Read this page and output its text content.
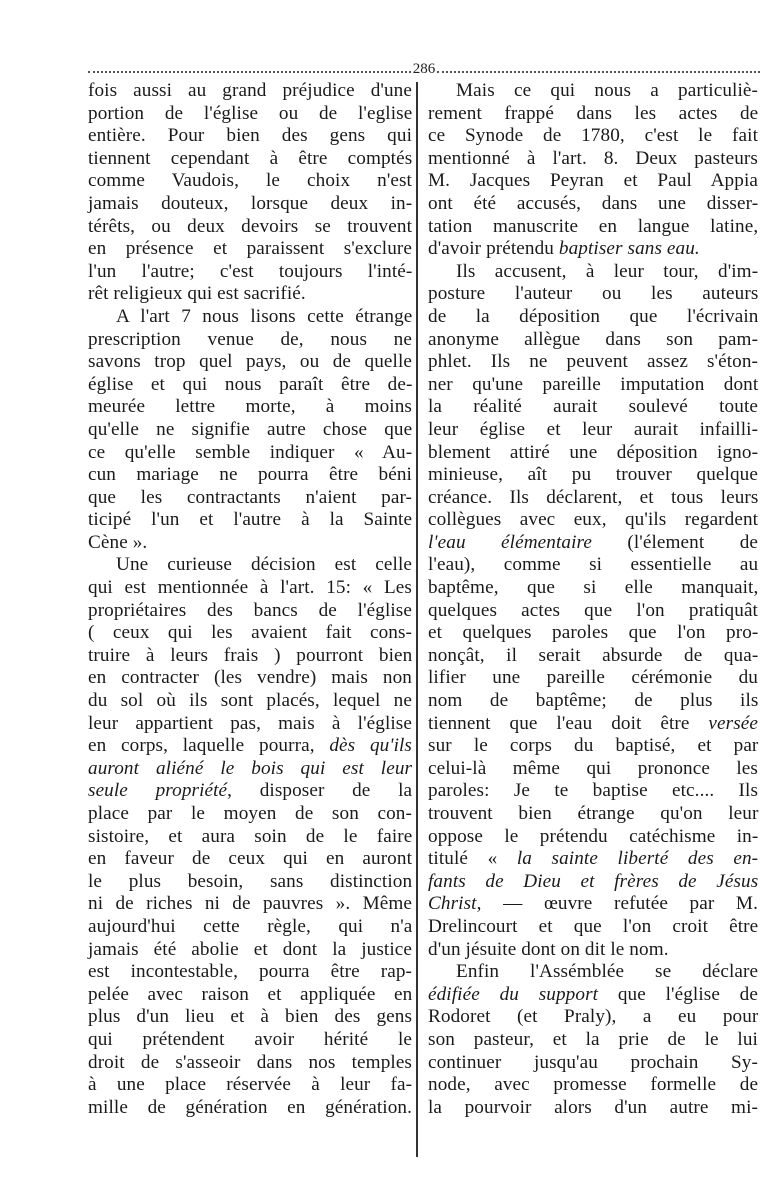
286
fois aussi au grand préjudice d'une
portion de l'église ou de l'eglise
entière. Pour bien des gens qui
tiennent cependant à être comptés
comme Vaudois, le choix n'est
jamais douteux, lorsque deux in-
térêts, ou deux devoirs se trouvent
en présence et paraissent s'exclure
l'un l'autre; c'est toujours l'inté-
rêt religieux qui est sacrifié.
A l'art 7 nous lisons cette étrange
prescription venue de, nous ne
savons trop quel pays, ou de quelle
église et qui nous paraît être de-
meurée lettre morte, à moins
qu'elle ne signifie autre chose que
ce qu'elle semble indiquer « Au-
cun mariage ne pourra être béni
que les contractants n'aient par-
ticipé l'un et l'autre à la Sainte
Cène ».
Une curieuse décision est celle
qui est mentionnée à l'art. 15: « Les
propriétaires des bancs de l'église
( ceux qui les avaient fait cons-
truire à leurs frais ) pourront bien
en contracter (les vendre) mais non
du sol où ils sont placés, lequel ne
leur appartient pas, mais à l'église
en corps, laquelle pourra, dès qu'ils
auront aliéné le bois qui est leur
seule propriété, disposer de la
place par le moyen de son con-
sistoire, et aura soin de le faire
en faveur de ceux qui en auront
le plus besoin, sans distinction
ni de riches ni de pauvres ». Même
aujourd'hui cette règle, qui n'a
jamais été abolie et dont la justice
est incontestable, pourra être rap-
pelée avec raison et appliquée en
plus d'un lieu et à bien des gens
qui prétendent avoir hérité le
droit de s'asseoir dans nos temples
à une place réservée à leur fa-
mille de génération en génération.
Mais ce qui nous a particuliè-
rement frappé dans les actes de
ce Synode de 1780, c'est le fait
mentionné à l'art. 8. Deux pasteurs
M. Jacques Peyran et Paul Appia
ont été accusés, dans une disser-
tation manuscrite en langue latine,
d'avoir prétendu baptiser sans eau.
Ils accusent, à leur tour, d'im-
posture l'auteur ou les auteurs
de la déposition que l'écrivain
anonyme allègue dans son pam-
phlet. Ils ne peuvent assez s'éton-
ner qu'une pareille imputation dont
la réalité aurait soulevé toute
leur église et leur aurait infailli-
blement attiré une déposition igno-
minieuse, aît pu trouver quelque
créance. Ils déclarent, et tous leurs
collègues avec eux, qu'ils regardent
l'eau élémentaire (l'élement de
l'eau), comme si essentielle au
baptême, que si elle manquait,
quelques actes que l'on pratiquât
et quelques paroles que l'on pro-
nonçât, il serait absurde de qua-
lifier une pareille cérémonie du
nom de baptême; de plus ils
tiennent que l'eau doit être versée
sur le corps du baptisé, et par
celui-là même qui prononce les
paroles: Je te baptise etc.... Ils
trouvent bien étrange qu'on leur
oppose le prétendu catéchisme in-
titulé « la sainte liberté des en-
fants de Dieu et frères de Jésus
Christ, — œuvre refutée par M.
Drelincourt et que l'on croit être
d'un jésuite dont on dit le nom.
Enfin l'Assémblée se déclare
édifiée du support que l'église de
Rodoret (et Praly), a eu pour
son pasteur, et la prie de le lui
continuer jusqu'au prochain Sy-
node, avec promesse formelle de
la pourvoir alors d'un autre mi-
